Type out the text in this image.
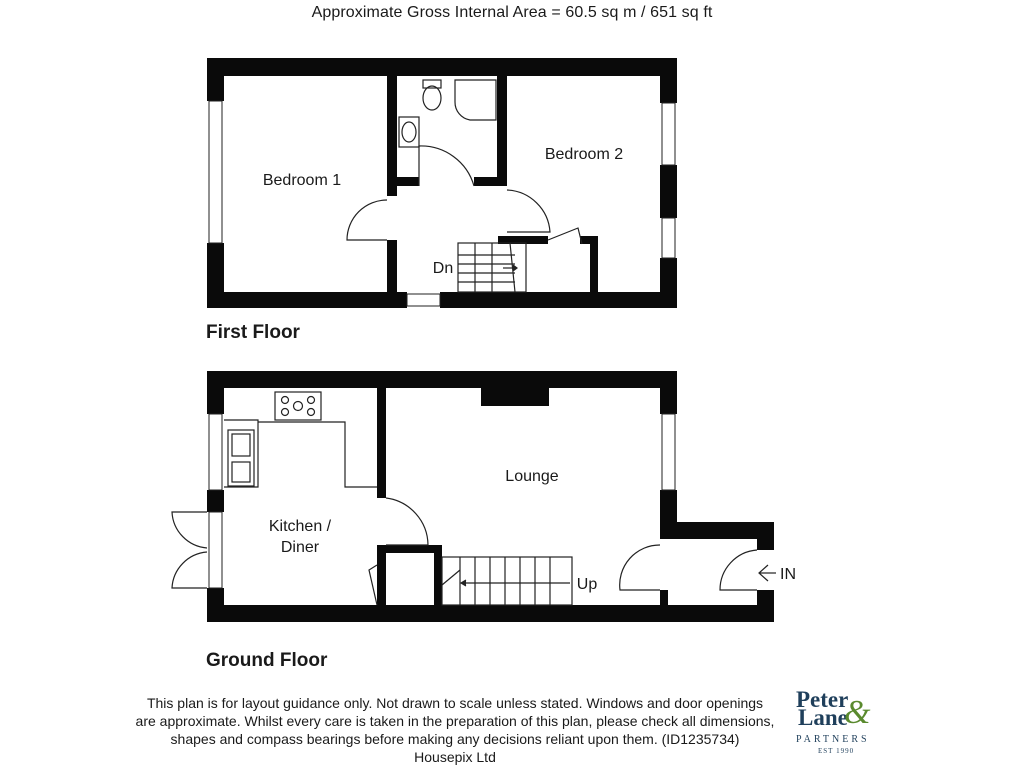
Approximate Gross Internal Area = 60.5 sq m / 651 sq ft
First Floor
Ground Floor
Bedroom 1
Bedroom 2
Dn
Kitchen /
Diner
Lounge
Up
IN
This plan is for layout guidance only. Not drawn to scale unless stated. Windows and door openings
are approximate. Whilst every care is taken in the preparation of this plan, please check all dimensions,
shapes and compass bearings before making any decisions reliant upon them. (ID1235734)
Housepix Ltd
Peter
Lane
&
PARTNERS
EST 1990
